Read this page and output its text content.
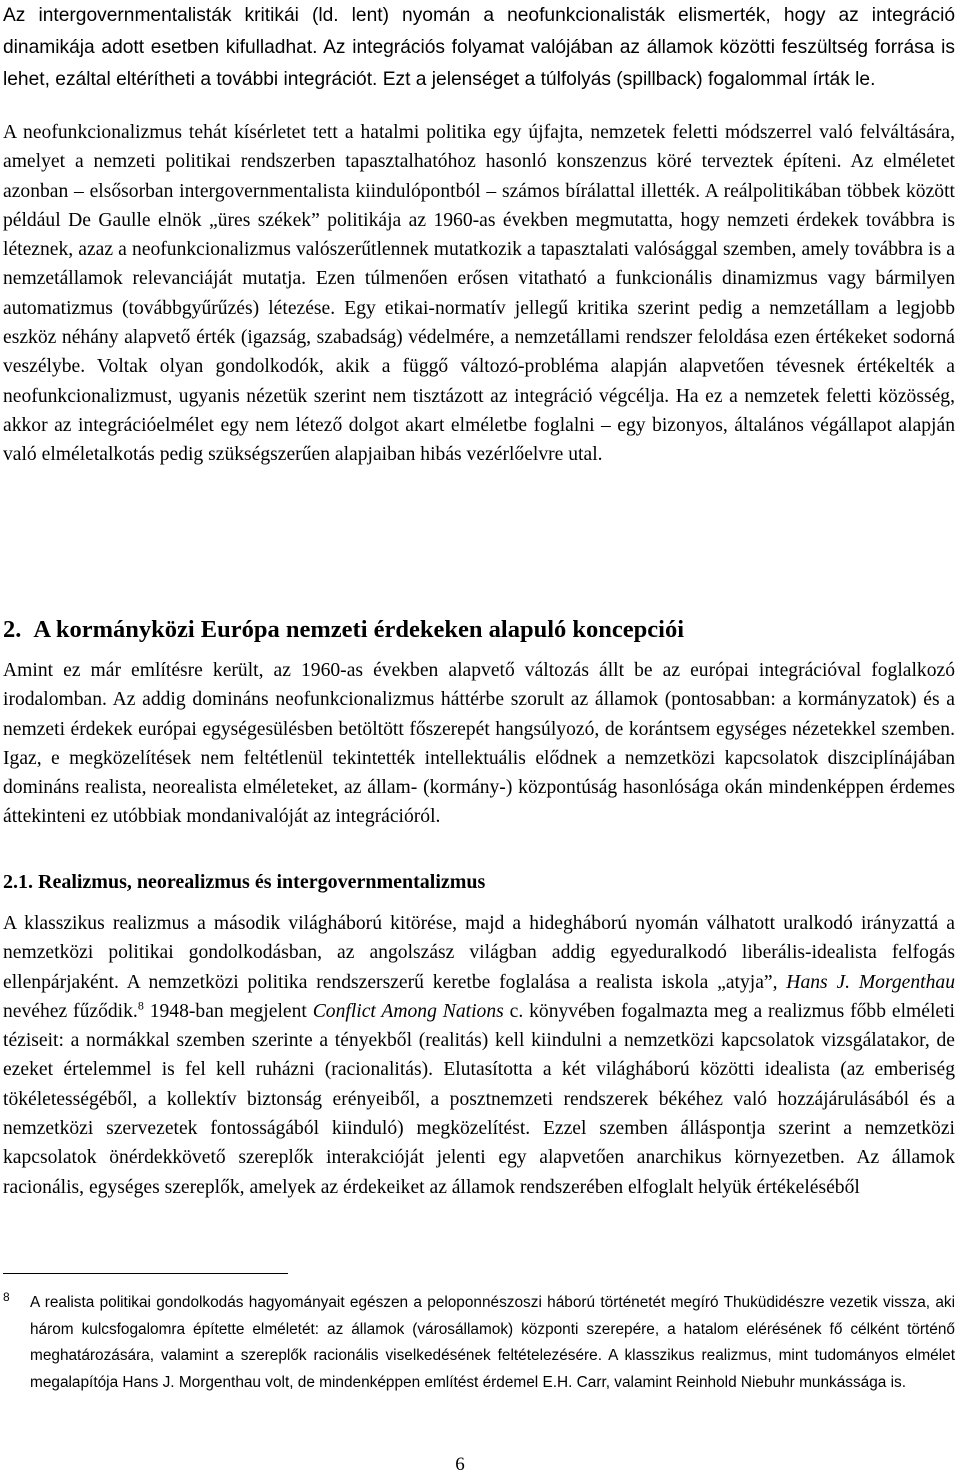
Az intergovernmentalisták kritikái (ld. lent) nyomán a neofunkcionalisták elismerték, hogy az integráció dinamikája adott esetben kifulladhat. Az integrációs folyamat valójában az államok közötti feszültség forrása is lehet, ezáltal eltérítheti a további integrációt. Ezt a jelenséget a túlfolyás (spillback) fogalommal írták le.

A neofunkcionalizmus tehát kísérletet tett a hatalmi politika egy újfajta, nemzetek feletti módszerrel való felváltására, amelyet a nemzeti politikai rendszerben tapasztalhatóhoz hasonló konszenzus köré terveztek építeni. Az elméletet azonban – elsősorban intergovernmentalista kiindulópontból – számos bírálattal illették. A reálpolitikában többek között például De Gaulle elnök „üres székek” politikája az 1960-as években megmutatta, hogy nemzeti érdekek továbbra is léteznek, azaz a neofunkcionalizmus valószerűtlennek mutatkozik a tapasztalati valósággal szemben, amely továbbra is a nemzetállamok relevanciáját mutatja. Ezen túlmenően erősen vitatható a funkcionális dinamizmus vagy bármilyen automatizmus (továbbgyűrűzés) létezése. Egy etikai-normatív jellegű kritika szerint pedig a nemzetállam a legjobb eszköz néhány alapvető érték (igazság, szabadság) védelmére, a nemzetállami rendszer feloldása ezen értékeket sodorná veszélybe. Voltak olyan gondolkodók, akik a függő változó-probléma alapján alapvetően tévesnek értékelték a neofunkcionalizmust, ugyanis nézetük szerint nem tisztázott az integráció végcélja. Ha ez a nemzetek feletti közösség, akkor az integrációelmélet egy nem létező dolgot akart elméletbe foglalni – egy bizonyos, általános végállapot alapján való elméletalkotás pedig szükségszerűen alapjaiban hibás vezérlőelvre utal.

2. A kormányközi Európa nemzeti érdekeken alapuló koncepciói

Amint ez már említésre került, az 1960-as években alapvető változás állt be az európai integrációval foglalkozó irodalomban. Az addig domináns neofunkcionalizmus háttérbe szorult az államok (pontosabban: a kormányzatok) és a nemzeti érdekek európai egységesülésben betöltött főszerepét hangsúlyozó, de korántsem egységes nézetekkel szemben. Igaz, e megközelítések nem feltétlenül tekintették intellektuális elődnek a nemzetközi kapcsolatok diszciplínájában domináns realista, neorealista elméleteket, az állam- (kormány-) központúság hasonlósága okán mindenképpen érdemes áttekinteni ez utóbbiak mondanivalóját az integrációról.

2.1. Realizmus, neorealizmus és intergovernmentalizmus

A klasszikus realizmus a második világháború kitörése, majd a hidegháború nyomán válhatott uralkodó irányzattá a nemzetközi politikai gondolkodásban, az angolszász világban addig egyeduralkodó liberális-idealista felfogás ellenpárjaként. A nemzetközi politika rendszerszerű keretbe foglalása a realista iskola „atyja”, Hans J. Morgenthau nevéhez fűződik.$^8$ 1948-ban megjelent Conflict Among Nations c. könyvében fogalmazta meg a realizmus főbb elméleti téziseit: a normákkal szemben szerinte a tényekből (realitás) kell kiindulni a nemzetközi kapcsolatok vizsgálatakor, de ezeket értelemmel is fel kell ruházni (racionalitás). Elutasította a két világháború közötti idealista (az emberiség tökéletességéből, a kollektív biztonság erényeiből, a posztnemzeti rendszerek békéhez való hozzájárulásából és a nemzetközi szervezetek fontosságából kiinduló) megközelítést. Ezzel szemben álláspontja szerint a nemzetközi kapcsolatok önérdekkövető szereplők interakcióját jelenti egy alapvetően anarchikus környezetben. Az államok racionális, egységes szereplők, amelyek az érdekeiket az államok rendszerében elfoglalt helyük értékeléséből

8	A realista politikai gondolkodás hagyományait egészen a peloponnészoszi háború történetét megíró Thuküdidészre vezetik vissza, aki három kulcsfogalomra építette elméletét: az államok (városállamok) központi szerepére, a hatalom elérésének fő célként történő meghatározására, valamint a szereplők racionális viselkedésének feltételezésére. A klasszikus realizmus, mint tudományos elmélet megalapítója Hans J. Morgenthau volt, de mindenképpen említést érdemel E.H. Carr, valamint Reinhold Niebuhr munkássága is.

6
